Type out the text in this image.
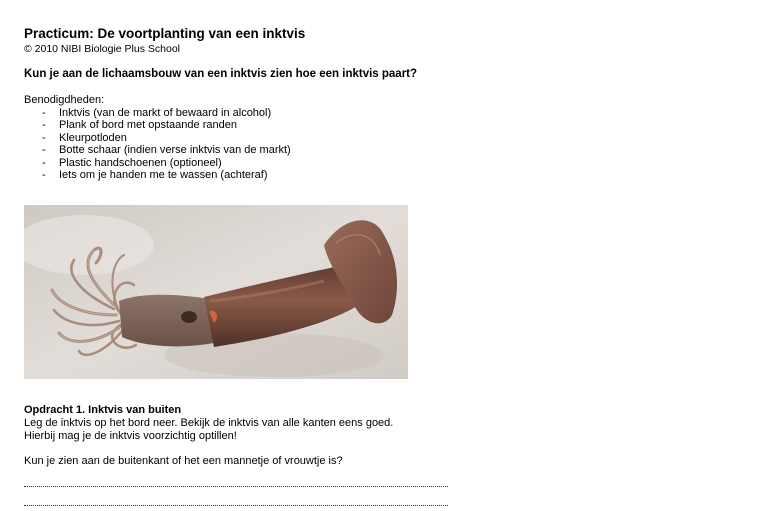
Practicum: De voortplanting van een inktvis
© 2010 NIBI Biologie Plus School
Kun je aan de lichaamsbouw van een inktvis zien hoe een inktvis paart?
Benodigdheden:
- Inktvis (van de markt of bewaard in alcohol)
- Plank of bord met opstaande randen
- Kleurpotloden
- Botte schaar (indien verse inktvis van de markt)
- Plastic handschoenen (optioneel)
- Iets om je handen me te wassen (achteraf)
Opdracht 1. Inktvis van buiten
Leg de inktvis op het bord neer. Bekijk de inktvis van alle kanten eens goed.
Hierbij mag je de inktvis voorzichtig optillen!
Kun je zien aan de buitenkant of het een mannetje of vrouwtje is?
